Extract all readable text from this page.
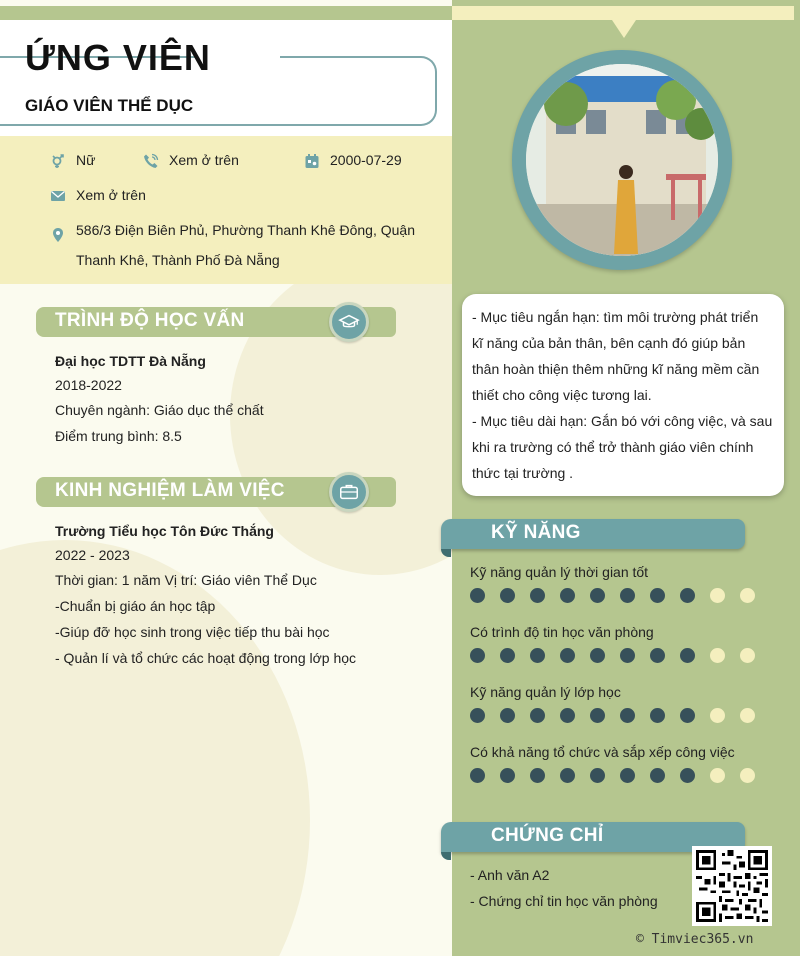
ỨNG VIÊN
GIÁO VIÊN THỂ DỤC
Nữ	Xem ở trên	2000-07-29
Xem ở trên
586/3 Điện Biên Phủ, Phường Thanh Khê Đông, Quận
Thanh Khê, Thành Phố Đà Nẵng
TRÌNH ĐỘ HỌC VẤN
Đại học TDTT Đà Nẵng
2018-2022
Chuyên ngành: Giáo dục thể chất
Điểm trung bình: 8.5
KINH NGHIỆM LÀM VIỆC
Trường Tiểu học Tôn Đức Thắng
2022 - 2023
Thời gian: 1 năm Vị trí: Giáo viên Thể Dục
-Chuẩn bị giáo án học tập
-Giúp đỡ học sinh trong việc tiếp thu bài học
- Quản lí và tổ chức các hoạt động trong lớp học

- Mục tiêu ngắn hạn: tìm môi trường phát triển

kĩ năng của bản thân, bên cạnh đó giúp bản

thân hoàn thiện thêm những kĩ năng mềm cần

thiết cho công việc tương lai.

- Mục tiêu dài hạn: Gắn bó với công việc, và sau

khi ra trường có thể trở thành giáo viên chính

thức tại trường .

KỸ NĂNG
Kỹ năng quản lý thời gian tốt
Có trình độ tin học văn phòng
Kỹ năng quản lý lớp học
Có khả năng tổ chức và sắp xếp công việc
CHỨNG CHỈ
- Anh văn A2
- Chứng chỉ tin học văn phòng
© Timviec365.vn
